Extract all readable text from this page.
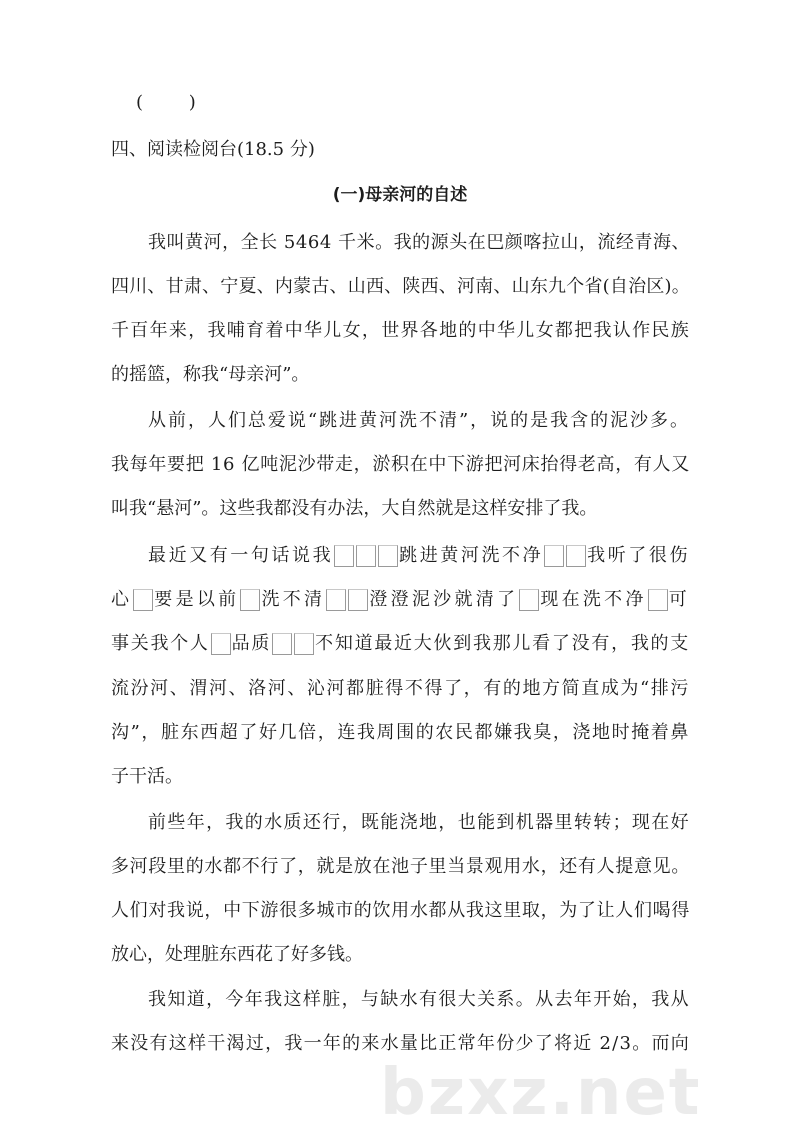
bzxz.net
(        )
四、阅读检阅台(18.5 分)
(一)母亲河的自述
我叫黄河，全长 5464 千米。我的源头在巴颜喀拉山，流经青海、
四川、甘肃、宁夏、内蒙古、山西、陕西、河南、山东九个省(自治区)。
千百年来，我哺育着中华儿女，世界各地的中华儿女都把我认作民族
的摇篮，称我“母亲河”。
从前，人们总爱说“跳进黄河洗不清”，说的是我含的泥沙多。
我每年要把 16 亿吨泥沙带走，淤积在中下游把河床抬得老高，有人又
叫我“悬河”。这些我都没有办法，大自然就是这样安排了我。
最近又有一句话说我	跳进黄河洗不净 我听了很伤
心 要是以前 洗不清 澄澄泥沙就清了 现在洗不净 可
事关我个人 品质 不知道最近大伙到我那儿看了没有，我的支
流汾河、渭河、洛河、沁河都脏得不得了，有的地方简直成为“排污
沟”，脏东西超了好几倍，连我周围的农民都嫌我臭，浇地时掩着鼻
子干活。
前些年，我的水质还行，既能浇地，也能到机器里转转；现在好
多河段里的水都不行了，就是放在池子里当景观用水，还有人提意见。
人们对我说，中下游很多城市的饮用水都从我这里取，为了让人们喝得
放心，处理脏东西花了好多钱。
我知道，今年我这样脏，与缺水有很大关系。从去年开始，我从
来没有这样干渴过，我一年的来水量比正常年份少了将近 2/3。而向
